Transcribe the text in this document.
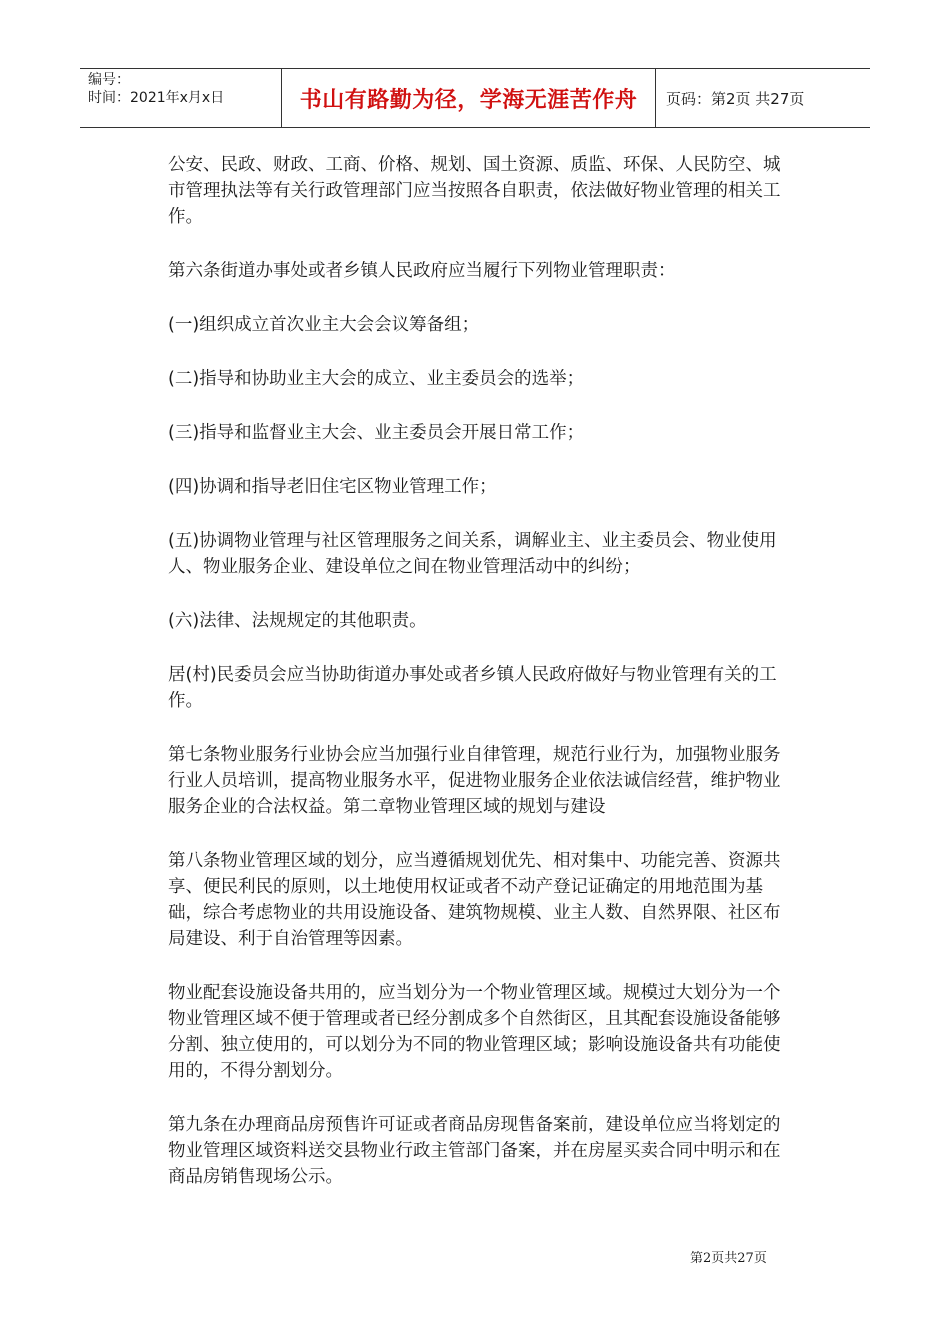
编号：
时间：2021年x月x日	书山有路勤为径，学海无涯苦作舟	页码：第2页 共27页

公安、民政、财政、工商、价格、规划、国土资源、质监、环保、人民防空、城市管理执法等有关行政管理部门应当按照各自职责，依法做好物业管理的相关工作。

第六条街道办事处或者乡镇人民政府应当履行下列物业管理职责：

(一)组织成立首次业主大会会议筹备组；

(二)指导和协助业主大会的成立、业主委员会的选举；

(三)指导和监督业主大会、业主委员会开展日常工作；

(四)协调和指导老旧住宅区物业管理工作；

(五)协调物业管理与社区管理服务之间关系，调解业主、业主委员会、物业使用人、物业服务企业、建设单位之间在物业管理活动中的纠纷；

(六)法律、法规规定的其他职责。

居(村)民委员会应当协助街道办事处或者乡镇人民政府做好与物业管理有关的工作。

第七条物业服务行业协会应当加强行业自律管理，规范行业行为，加强物业服务行业人员培训，提高物业服务水平，促进物业服务企业依法诚信经营，维护物业服务企业的合法权益。第二章物业管理区域的规划与建设

第八条物业管理区域的划分，应当遵循规划优先、相对集中、功能完善、资源共享、便民利民的原则，以土地使用权证或者不动产登记证确定的用地范围为基础，综合考虑物业的共用设施设备、建筑物规模、业主人数、自然界限、社区布局建设、利于自治管理等因素。

物业配套设施设备共用的，应当划分为一个物业管理区域。规模过大划分为一个物业管理区域不便于管理或者已经分割成多个自然街区，且其配套设施设备能够分割、独立使用的，可以划分为不同的物业管理区域；影响设施设备共有功能使用的，不得分割划分。

第九条在办理商品房预售许可证或者商品房现售备案前，建设单位应当将划定的物业管理区域资料送交县物业行政主管部门备案，并在房屋买卖合同中明示和在商品房销售现场公示。

第2页共27页
